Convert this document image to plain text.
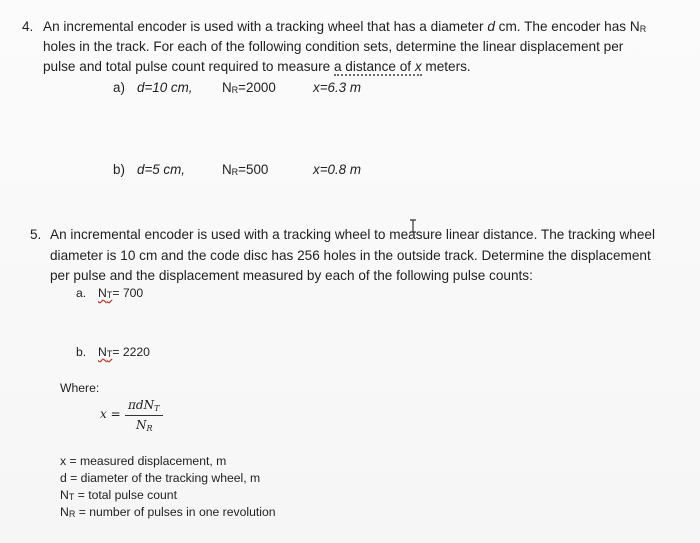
4. An incremental encoder is used with a tracking wheel that has a diameter d cm. The encoder has NR
holes in the track. For each of the following condition sets, determine the linear displacement per
pulse and total pulse count required to measure a distance of x meters.
a) d=10 cm, NR=2000	x=6.3 m
b) d=5 cm,	NR=500	x=0.8 m
5. An incremental encoder is used with a tracking wheel to measure linear distance. The tracking wheel
diameter is 10 cm and the code disc has 256 holes in the outside track. Determine the displacement
per pulse and the displacement measured by each of the following pulse counts:
a. NT= 700
b. NT= 2220
Where:
x =
πdNT
NR
x = measured displacement, m
d = diameter of the tracking wheel, m
NT = total pulse count
NR = number of pulses in one revolution
